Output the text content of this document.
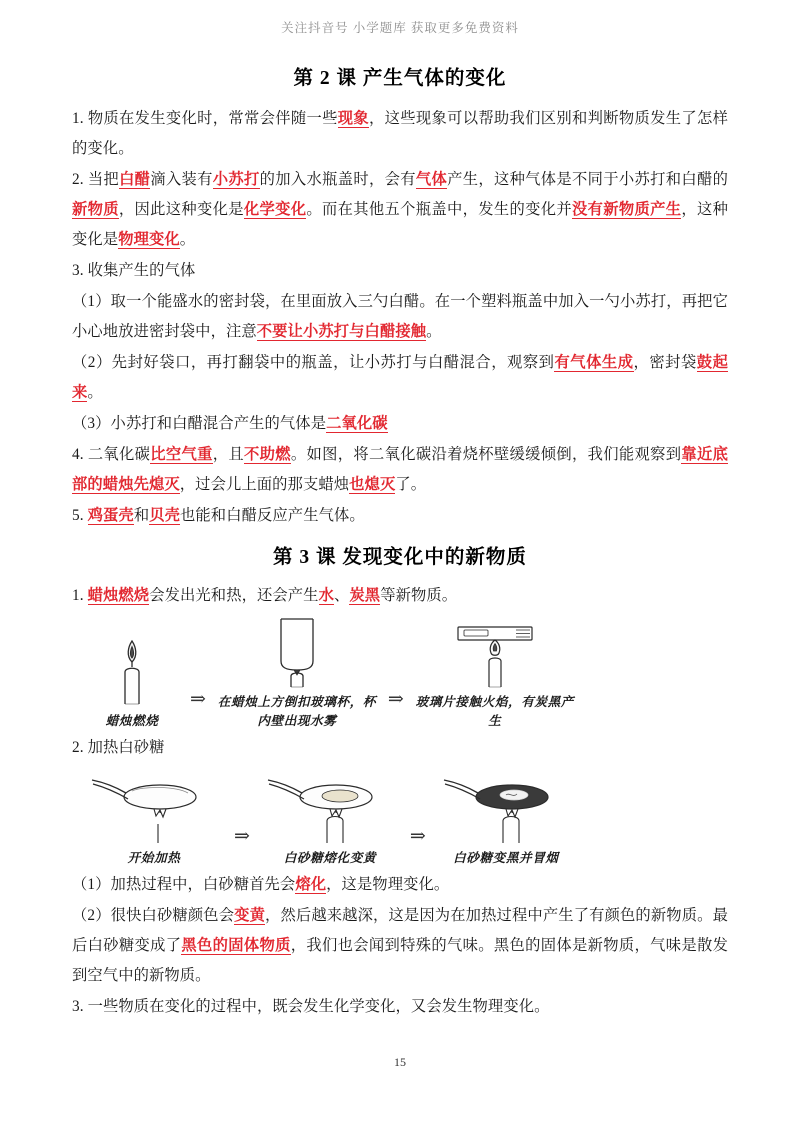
关注抖音号 小学题库 获取更多免费资料
第 2 课 产生气体的变化

1. 物质在发生变化时，常常会伴随一些现象，这些现象可以帮助我们区别和判断物质发生了怎样的变化。

2. 当把白醋滴入装有小苏打的加入水瓶盖时，会有气体产生，这种气体是不同于小苏打和白醋的新物质，因此这种变化是化学变化。而在其他五个瓶盖中，发生的变化并没有新物质产生，这种变化是物理变化。

3. 收集产生的气体

（1）取一个能盛水的密封袋，在里面放入三勺白醋。在一个塑料瓶盖中加入一勺小苏打，再把它小心地放进密封袋中，注意不要让小苏打与白醋接触。

（2）先封好袋口，再打翻袋中的瓶盖，让小苏打与白醋混合，观察到有气体生成，密封袋鼓起来。

（3）小苏打和白醋混合产生的气体是二氧化碳

4. 二氧化碳比空气重，且不助燃。如图，将二氧化碳沿着烧杯壁缓缓倾倒，我们能观察到靠近底部的蜡烛先熄灭，过会儿上面的那支蜡烛也熄灭了。

5. 鸡蛋壳和贝壳也能和白醋反应产生气体。

第 3 课 发现变化中的新物质

1. 蜡烛燃烧会发出光和热，还会产生水、炭黑等新物质。

蜡烛燃烧
⇒ 在蜡烛上方倒扣玻璃杯，杯内壁出现水雾
⇒ 玻璃片接触火焰，有炭黑产生

2. 加热白砂糖

开始加热
⇒
白砂糖熔化变黄
⇒
白砂糖变黑并冒烟

（1）加热过程中，白砂糖首先会熔化，这是物理变化。

（2）很快白砂糖颜色会变黄，然后越来越深，这是因为在加热过程中产生了有颜色的新物质。最后白砂糖变成了黑色的固体物质，我们也会闻到特殊的气味。黑色的固体是新物质，气味是散发到空气中的新物质。

3. 一些物质在变化的过程中，既会发生化学变化，又会发生物理变化。

15
